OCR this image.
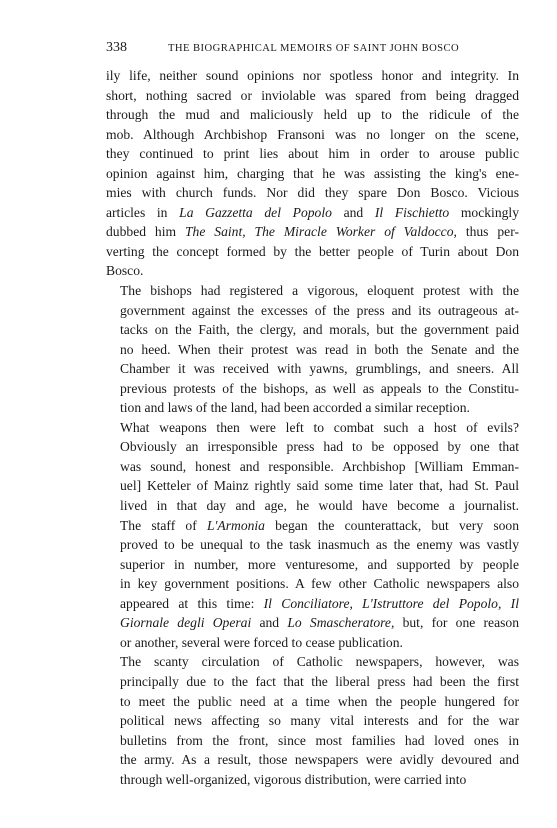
338	THE BIOGRAPHICAL MEMOIRS OF SAINT JOHN BOSCO

ily life, neither sound opinions nor spotless honor and integrity. In
short, nothing sacred or inviolable was spared from being dragged
through the mud and maliciously held up to the ridicule of the
mob. Although Archbishop Fransoni was no longer on the scene,
they continued to print lies about him in order to arouse public
opinion against him, charging that he was assisting the king's ene-
mies with church funds. Nor did they spare Don Bosco. Vicious
articles in La Gazzetta del Popolo and Il Fischietto mockingly
dubbed him The Saint, The Miracle Worker of Valdocco, thus per-
verting the concept formed by the better people of Turin about Don
Bosco.

The bishops had registered a vigorous, eloquent protest with the
government against the excesses of the press and its outrageous at-
tacks on the Faith, the clergy, and morals, but the government paid
no heed. When their protest was read in both the Senate and the
Chamber it was received with yawns, grumblings, and sneers. All
previous protests of the bishops, as well as appeals to the Constitu-
tion and laws of the land, had been accorded a similar reception.

What weapons then were left to combat such a host of evils?
Obviously an irresponsible press had to be opposed by one that
was sound, honest and responsible. Archbishop [William Emman-
uel] Ketteler of Mainz rightly said some time later that, had St. Paul
lived in that day and age, he would have become a journalist.
The staff of L'Armonia began the counterattack, but very soon
proved to be unequal to the task inasmuch as the enemy was vastly
superior in number, more venturesome, and supported by people
in key government positions. A few other Catholic newspapers also
appeared at this time: Il Conciliatore, L'Istruttore del Popolo, Il
Giornale degli Operai and Lo Smascheratore, but, for one reason
or another, several were forced to cease publication.

The scanty circulation of Catholic newspapers, however, was
principally due to the fact that the liberal press had been the first
to meet the public need at a time when the people hungered for
political news affecting so many vital interests and for the war
bulletins from the front, since most families had loved ones in
the army. As a result, those newspapers were avidly devoured and
through well-organized, vigorous distribution, were carried into
